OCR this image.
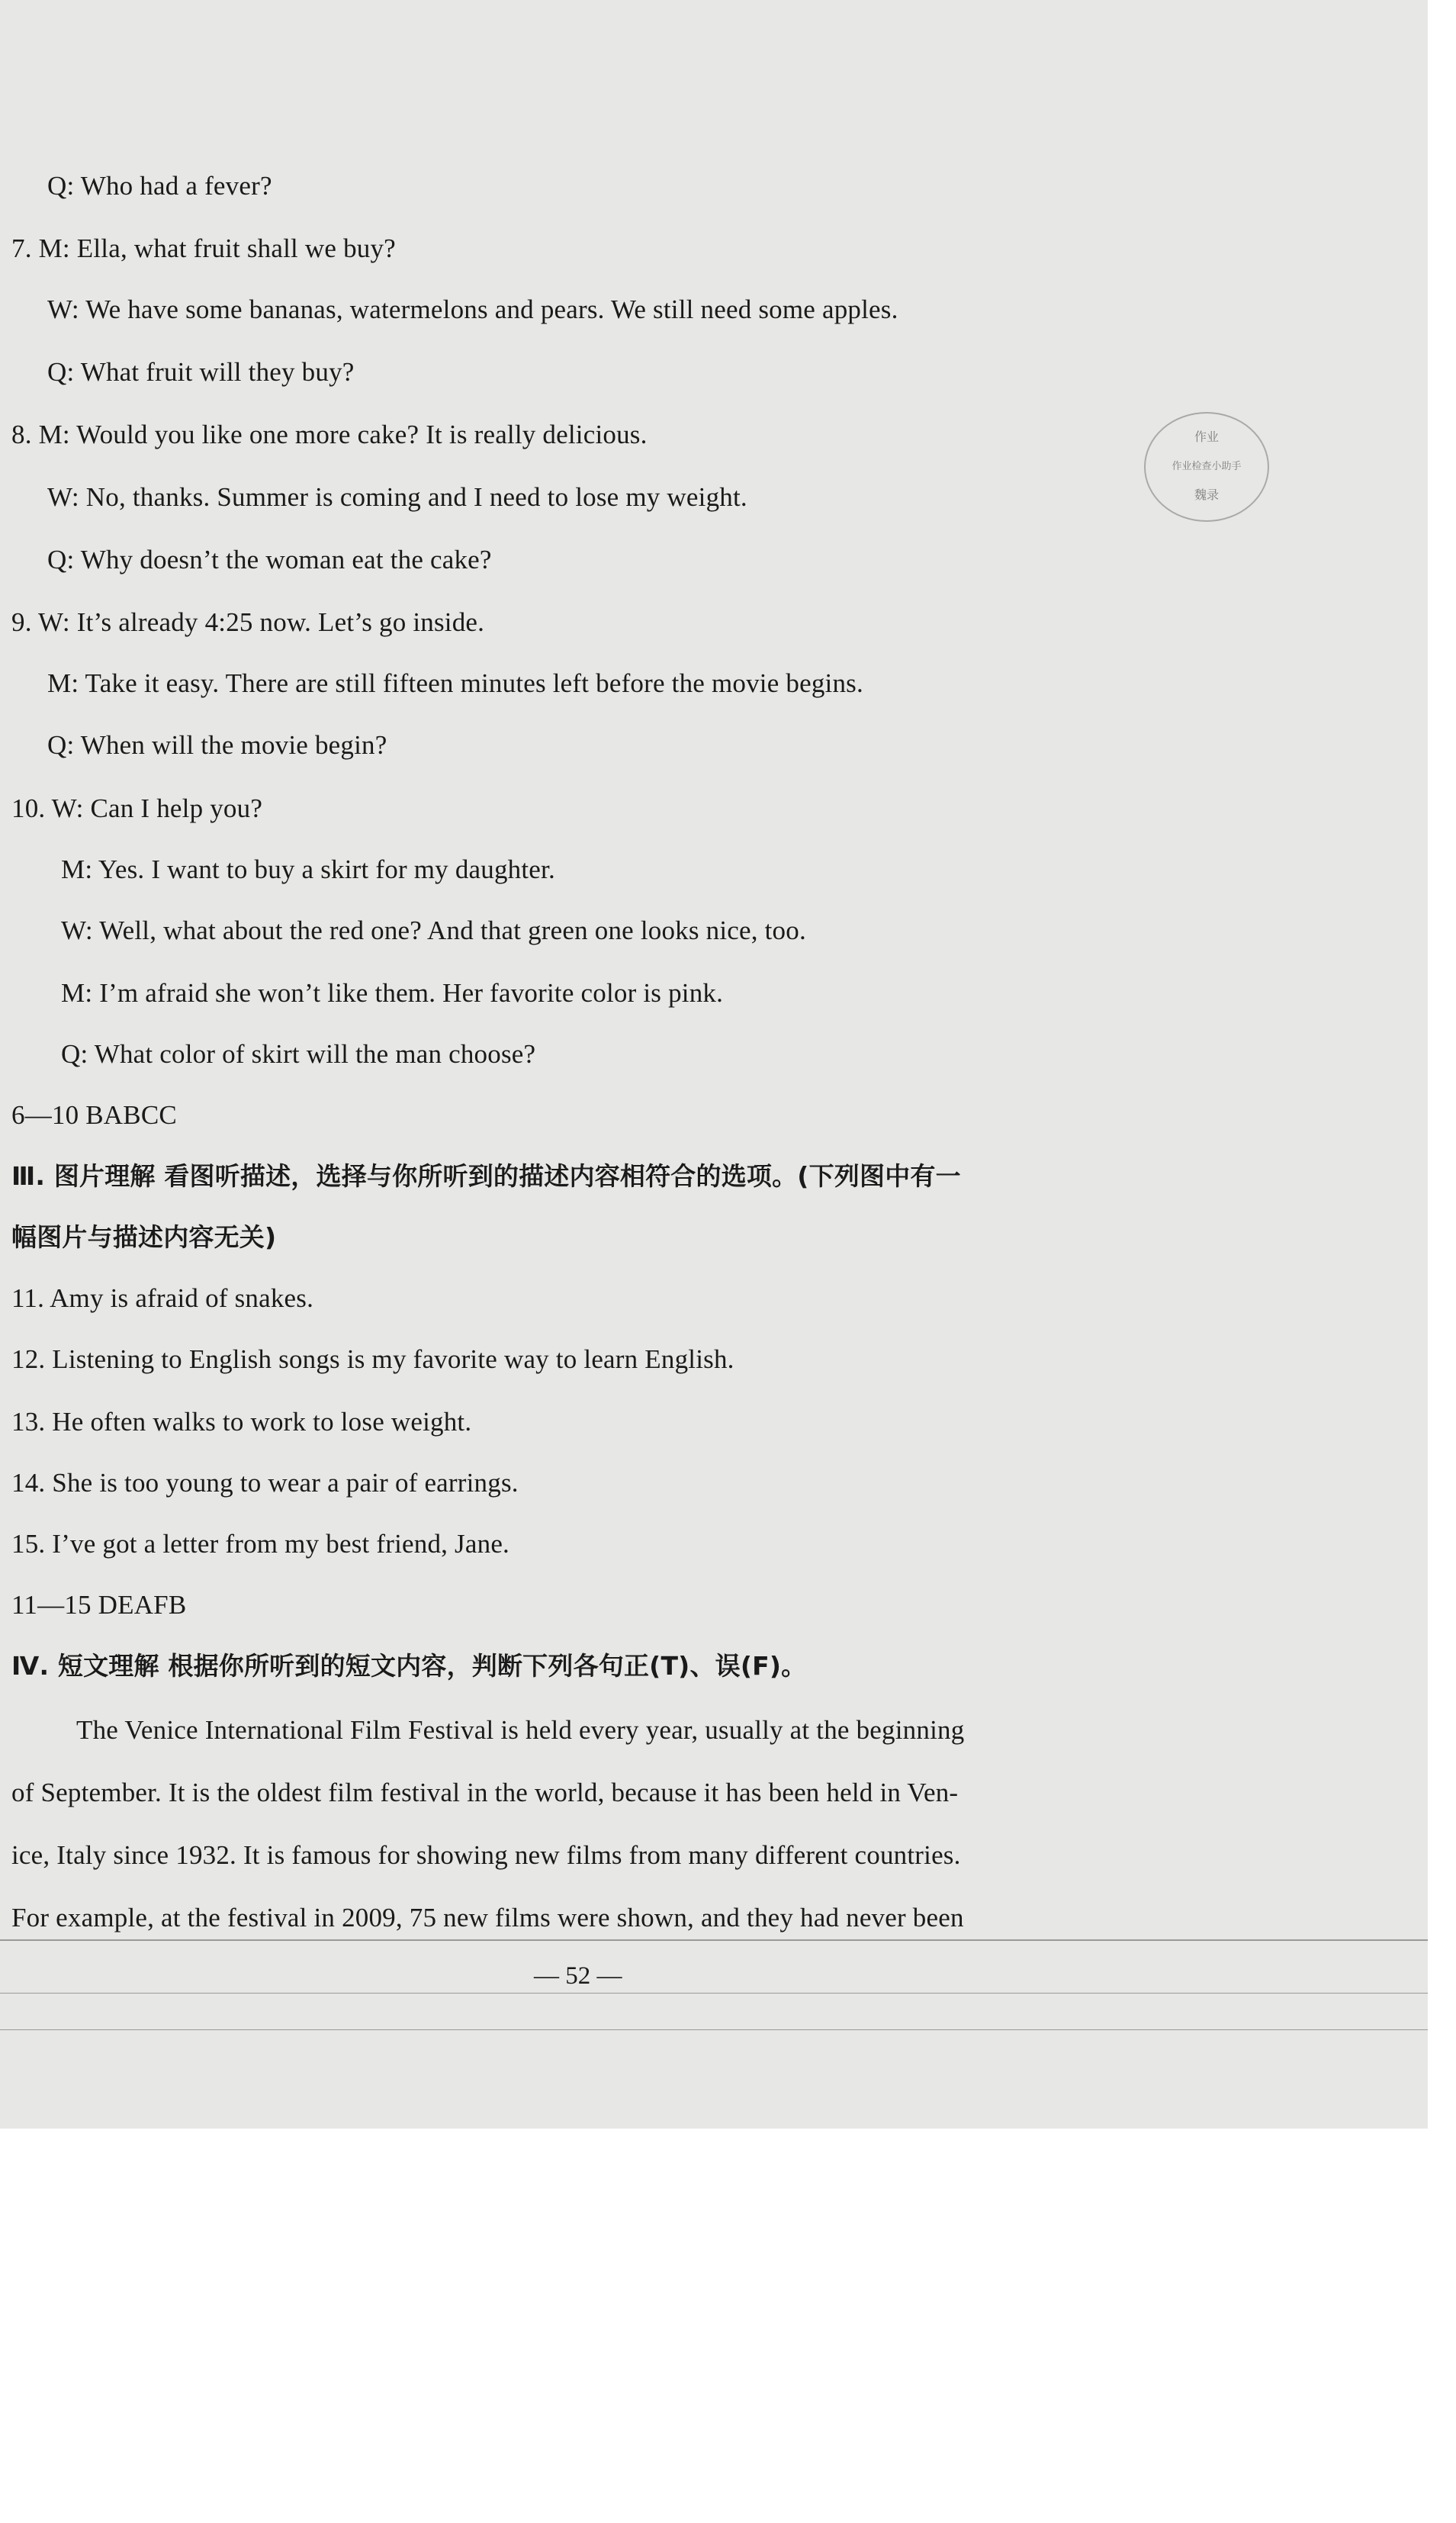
作业
作业检查小助手
魏录
Q: Who had a fever?
7. M: Ella, what fruit shall we buy?
W: We have some bananas, watermelons and pears. We still need some apples.
Q: What fruit will they buy?
8. M: Would you like one more cake? It is really delicious.
W: No, thanks. Summer is coming and I need to lose my weight.
Q: Why doesn’t the woman eat the cake?
9. W: It’s already 4:25 now. Let’s go inside.
M: Take it easy. There are still fifteen minutes left before the movie begins.
Q: When will the movie begin?
10. W: Can I help you?
M: Yes. I want to buy a skirt for my daughter.
W: Well, what about the red one? And that green one looks nice, too.
M: I’m afraid she won’t like them. Her favorite color is pink.
Q: What color of skirt will the man choose?
6—10 BABCC
Ⅲ. 图片理解 看图听描述，选择与你所听到的描述内容相符合的选项。(下列图中有一
幅图片与描述内容无关)
11. Amy is afraid of snakes.
12. Listening to English songs is my favorite way to learn English.
13. He often walks to work to lose weight.
14. She is too young to wear a pair of earrings.
15. I’ve got a letter from my best friend, Jane.
11—15 DEAFB
Ⅳ. 短文理解 根据你所听到的短文内容，判断下列各句正(T)、误(F)。
The Venice International Film Festival is held every year, usually at the beginning
of September. It is the oldest film festival in the world, because it has been held in Ven-
ice, Italy since 1932. It is famous for showing new films from many different countries.
For example, at the festival in 2009, 75 new films were shown, and they had never been
— 52 —
